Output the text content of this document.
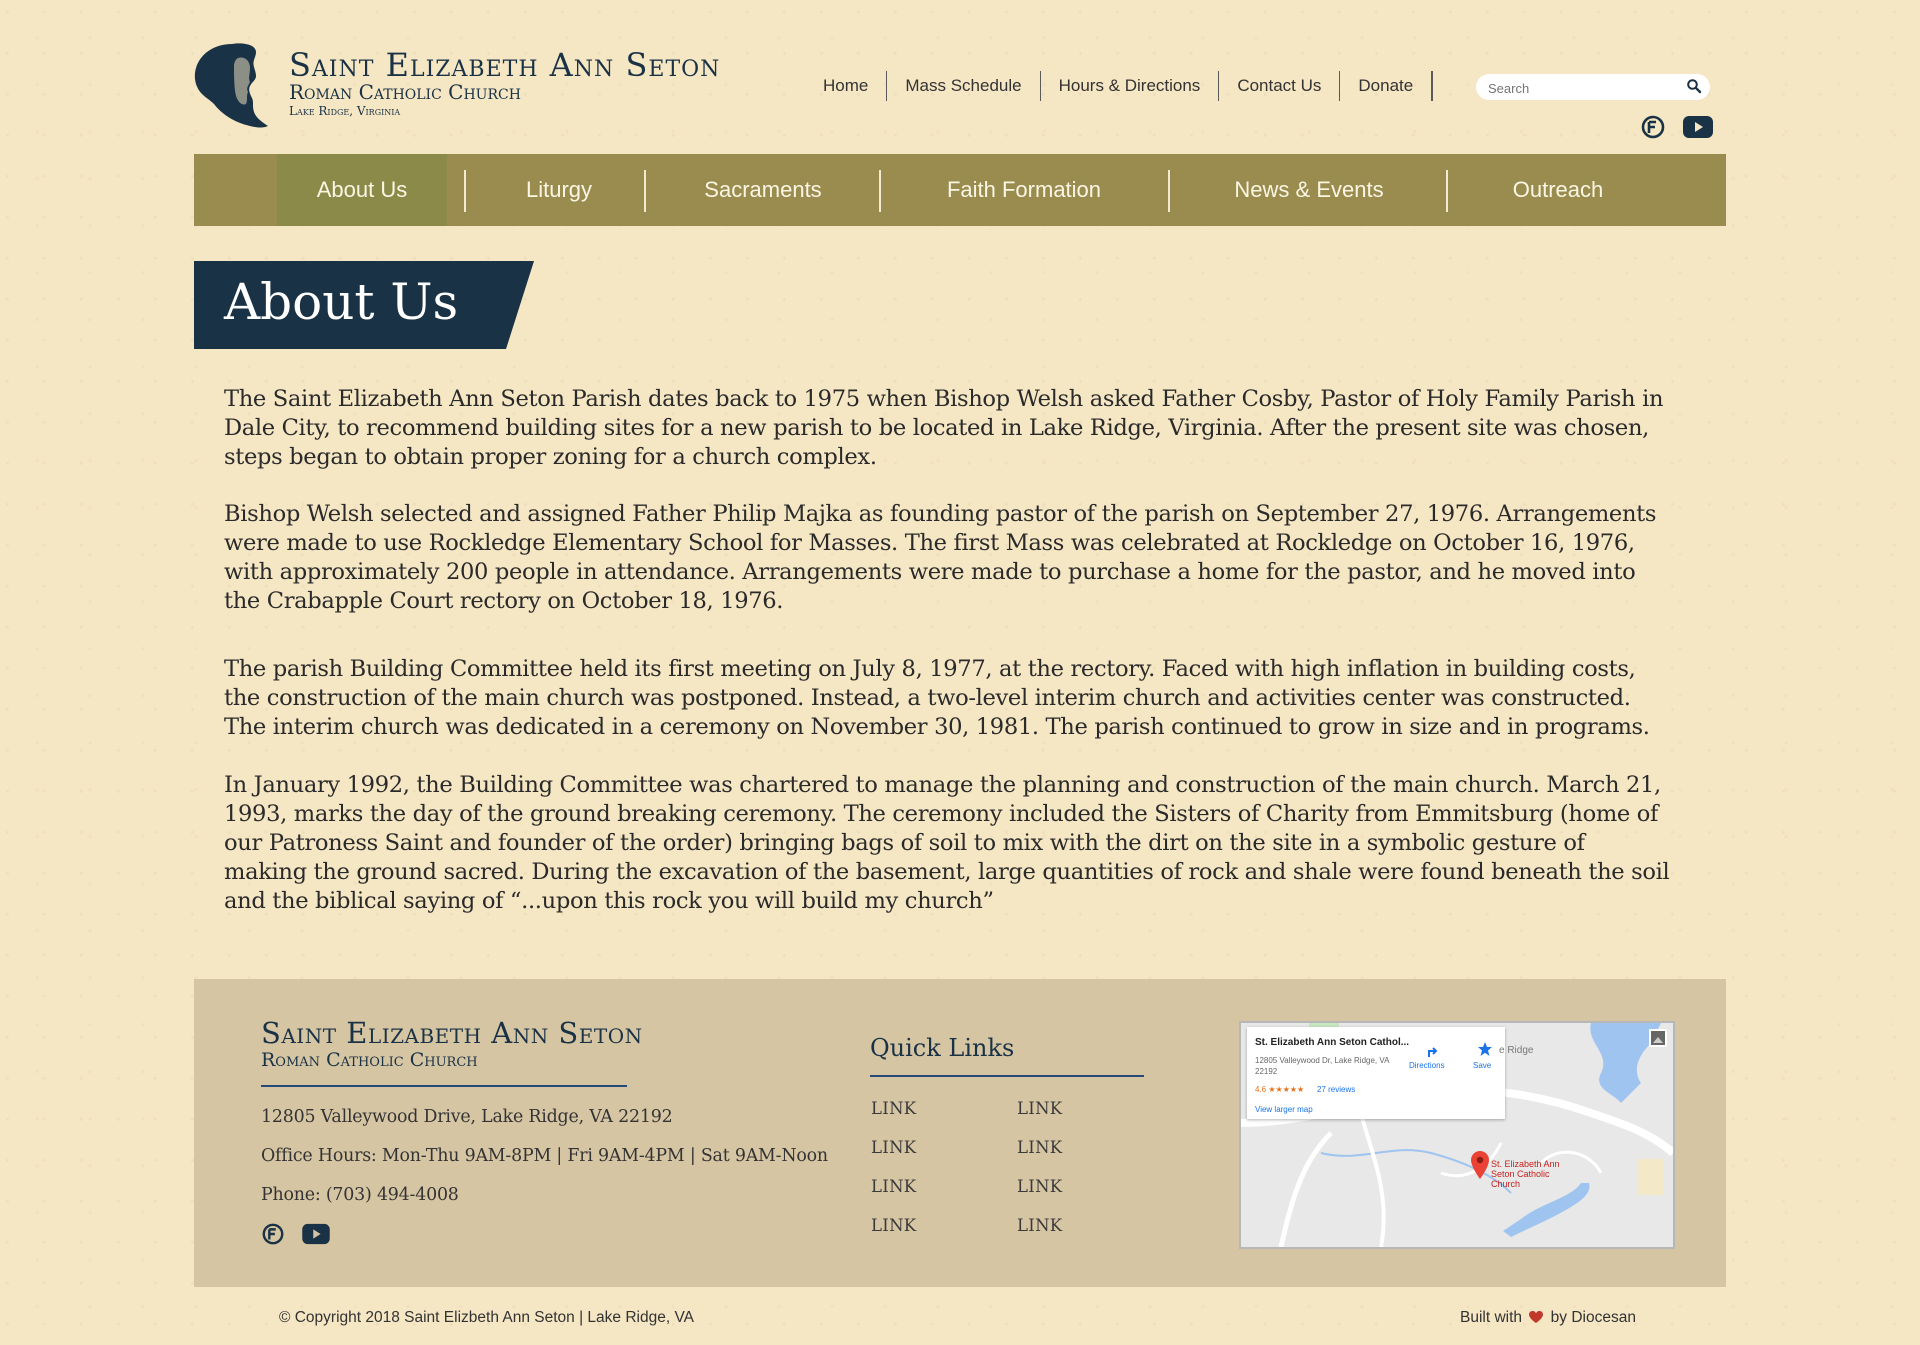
Saint Elizabeth Ann Seton
Roman Catholic Church
Lake Ridge, Virginia
Home	Mass Schedule	Hours & Directions	Contact Us	Donate
Search
About Us	Liturgy	Sacraments	Faith Formation	News & Events	Outreach
About Us

The Saint Elizabeth Ann Seton Parish dates back to 1975 when Bishop Welsh asked Father Cosby, Pastor of Holy Family Parish in Dale City, to recommend building sites for a new parish to be located in Lake Ridge, Virginia. After the present site was chosen, steps began to obtain proper zoning for a church complex.

Bishop Welsh selected and assigned Father Philip Majka as founding pastor of the parish on September 27, 1976. Arrangements were made to use Rockledge Elementary School for Masses. The first Mass was celebrated at Rockledge on October 16, 1976, with approximately 200 people in attendance. Arrangements were made to purchase a home for the pastor, and he moved into the Crabapple Court rectory on October 18, 1976.

The parish Building Committee held its first meeting on July 8, 1977, at the rectory. Faced with high inflation in building costs, the construction of the main church was postponed. Instead, a two-level interim church and activities center was constructed. The interim church was dedicated in a ceremony on November 30, 1981. The parish continued to grow in size and in programs.

In January 1992, the Building Committee was chartered to manage the planning and construction of the main church. March 21, 1993, marks the day of the ground breaking ceremony. The ceremony included the Sisters of Charity from Emmitsburg (home of our Patroness Saint and founder of the order) bringing bags of soil to mix with the dirt on the site in a symbolic gesture of making the ground sacred. During the excavation of the basement, large quantities of rock and shale were found beneath the soil and the biblical saying of “...upon this rock you will build my church”

Saint Elizabeth Ann Seton
Roman Catholic Church
12805 Valleywood Drive, Lake Ridge, VA 22192
Office Hours: Mon-Thu 9AM-8PM | Fri 9AM-4PM | Sat 9AM-Noon
Phone: (703) 494-4008
Quick Links
LINK	LINK
LINK	LINK
LINK	LINK
LINK	LINK
St. Elizabeth Ann Seton Cathol...
12805 Valleywood Dr, Lake Ridge, VA 22192
4.6 ★★★★★ 27 reviews
View larger map
Directions	Save
e Ridge
St. Elizabeth Ann Seton Catholic Church
© Copyright 2018 Saint Elizbeth Ann Seton | Lake Ridge, VA	Built with by Diocesan
